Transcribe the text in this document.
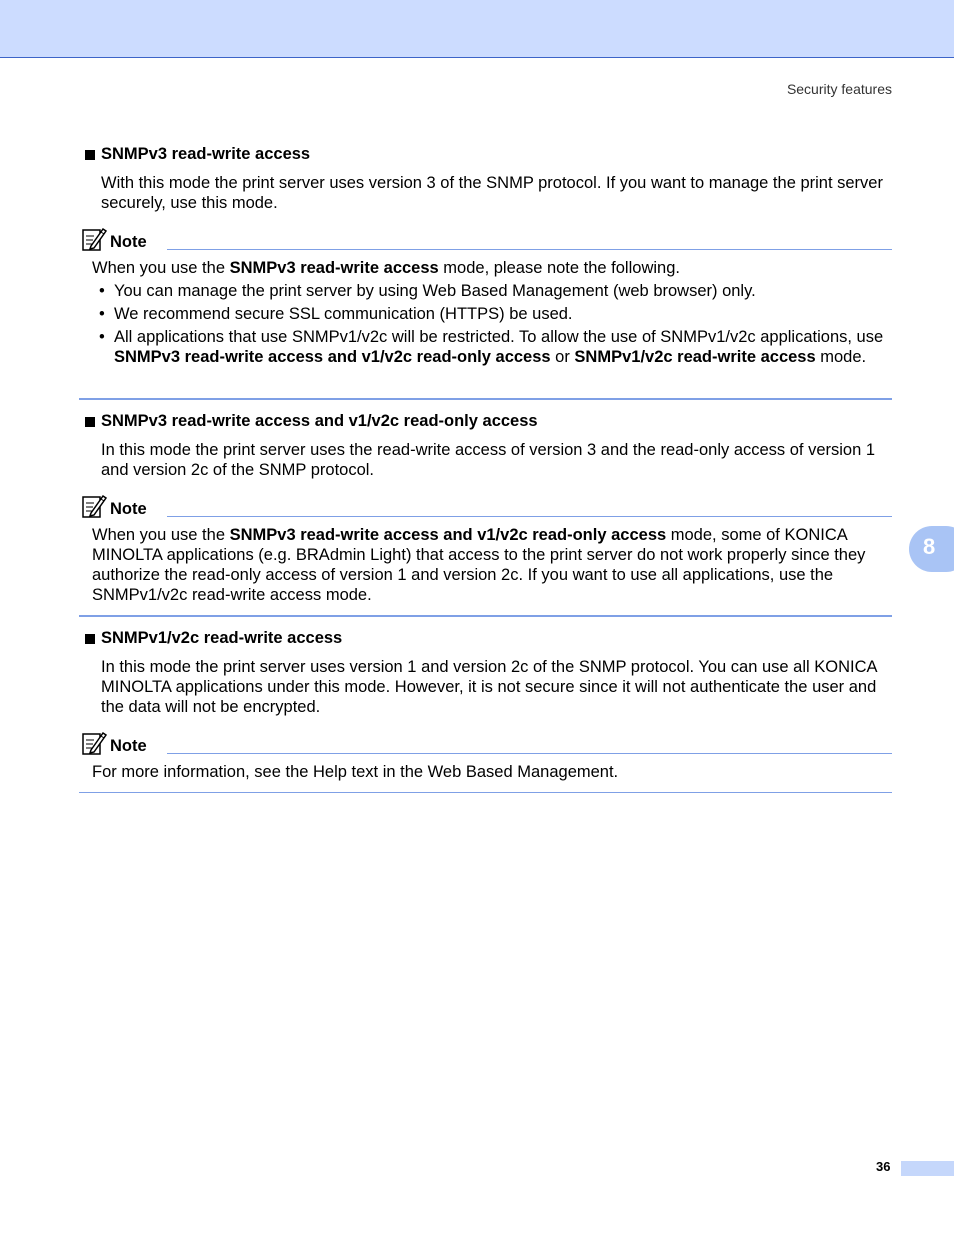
Security features
8
SNMPv3 read-write access
With this mode the print server uses version 3 of the SNMP protocol. If you want to manage the print server securely, use this mode.
Note
When you use the SNMPv3 read-write access mode, please note the following.
• You can manage the print server by using Web Based Management (web browser) only.
• We recommend secure SSL communication (HTTPS) be used.
• All applications that use SNMPv1/v2c will be restricted. To allow the use of SNMPv1/v2c applications, use SNMPv3 read-write access and v1/v2c read-only access or SNMPv1/v2c read-write access mode.
SNMPv3 read-write access and v1/v2c read-only access
In this mode the print server uses the read-write access of version 3 and the read-only access of version 1 and version 2c of the SNMP protocol.
Note
When you use the SNMPv3 read-write access and v1/v2c read-only access mode, some of KONICA MINOLTA applications (e.g. BRAdmin Light) that access to the print server do not work properly since they authorize the read-only access of version 1 and version 2c. If you want to use all applications, use the SNMPv1/v2c read-write access mode.
SNMPv1/v2c read-write access
In this mode the print server uses version 1 and version 2c of the SNMP protocol. You can use all KONICA MINOLTA applications under this mode. However, it is not secure since it will not authenticate the user and the data will not be encrypted.
Note
For more information, see the Help text in the Web Based Management.
36
